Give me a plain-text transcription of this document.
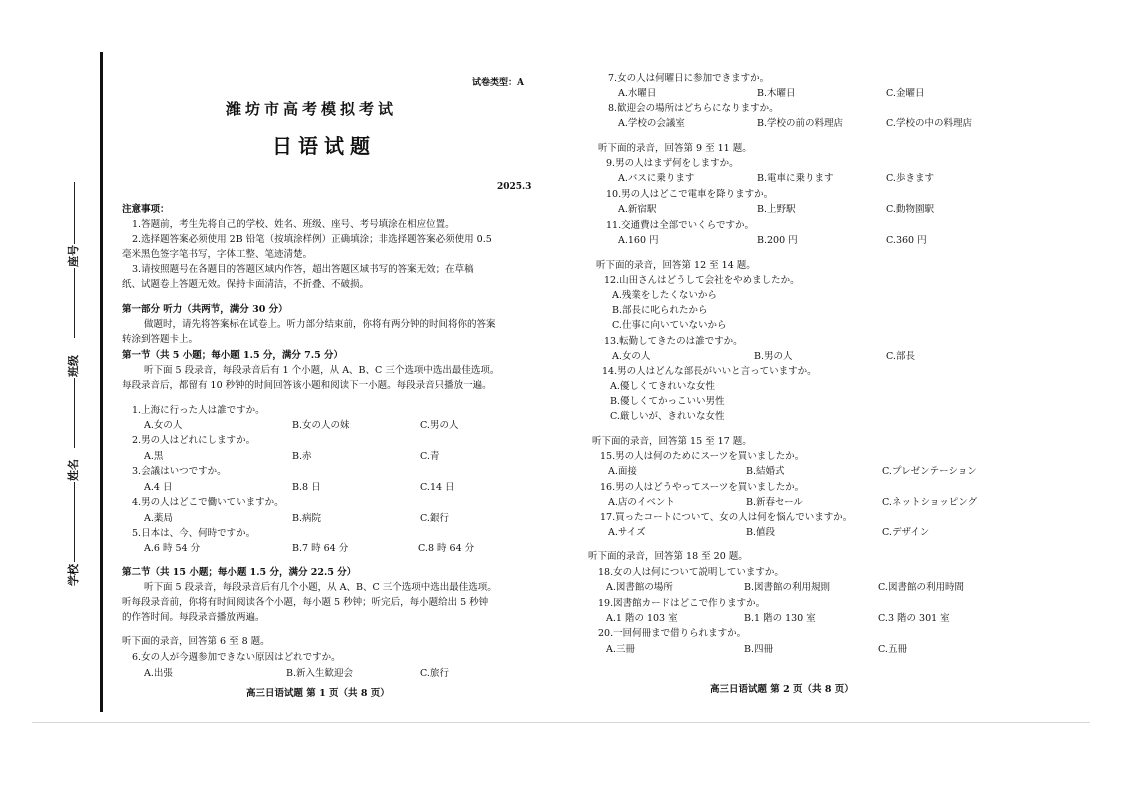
座号
班级
姓名
学校
试卷类型：A
潍坊市高考模拟考试
日语试题
2025.3
注意事项：
1.答题前，考生先将自己的学校、姓名、班级、座号、考号填涂在相应位置。
2.选择题答案必须使用 2B 铅笔（按填涂样例）正确填涂；非选择题答案必须使用 0.5
毫米黑色签字笔书写，字体工整、笔迹清楚。
3.请按照题号在各题目的答题区域内作答，超出答题区域书写的答案无效；在草稿
纸、试题卷上答题无效。保持卡面清洁，不折叠、不破损。
第一部分 听力（共两节，满分 30 分）
做题时，请先将答案标在试卷上。听力部分结束前，你将有两分钟的时间将你的答案
转涂到答题卡上。
第一节（共 5 小题；每小题 1.5 分，满分 7.5 分）
听下面 5 段录音，每段录音后有 1 个小题，从 A、B、C 三个选项中选出最佳选项。
每段录音后，都留有 10 秒钟的时间回答该小题和阅读下一小题。每段录音只播放一遍。
1.上海に行った人は誰ですか。
A.女の人	B.女の人の妹	C.男の人
2.男の人はどれにしますか。
A.黒	B.赤	C.青
3.会議はいつですか。
A.4 日	B.8 日	C.14 日
4.男の人はどこで働いていますか。
A.薬局	B.病院	C.銀行
5.日本は、今、何時ですか。
A.6 時 54 分	B.7 時 64 分	C.8 時 64 分
第二节（共 15 小题；每小题 1.5 分，满分 22.5 分）
听下面 5 段录音，每段录音后有几个小题，从 A、B、C 三个选项中选出最佳选项。
听每段录音前，你将有时间阅读各个小题，每小题 5 秒钟；听完后，每小题给出 5 秒钟
的作答时间。每段录音播放两遍。
听下面的录音，回答第 6 至 8 题。
6.女の人が今週参加できない原因はどれですか。
A.出張	B.新入生歓迎会	C.旅行
高三日语试题 第 1 页（共 8 页）
7.女の人は何曜日に参加できますか。
A.水曜日	B.木曜日	C.金曜日
8.歓迎会の場所はどちらになりますか。
A.学校の会議室	B.学校の前の料理店	C.学校の中の料理店
听下面的录音，回答第 9 至 11 题。
9.男の人はまず何をしますか。
A.バスに乗ります	B.電車に乗ります	C.歩きます
10.男の人はどこで電車を降りますか。
A.新宿駅	B.上野駅	C.動物園駅
11.交通費は全部でいくらですか。
A.160 円	B.200 円	C.360 円
听下面的录音，回答第 12 至 14 题。
12.山田さんはどうして会社をやめましたか。
A.残業をしたくないから
B.部長に叱られたから
C.仕事に向いていないから
13.転勤してきたのは誰ですか。
A.女の人	B.男の人	C.部長
14.男の人はどんな部長がいいと言っていますか。
A.優しくてきれいな女性
B.優しくてかっこいい男性
C.厳しいが、きれいな女性
听下面的录音，回答第 15 至 17 题。
15.男の人は何のためにスーツを買いましたか。
A.面接	B.結婚式	C.プレゼンテーション
16.男の人はどうやってスーツを買いましたか。
A.店のイベント	B.新春セール	C.ネットショッピング
17.買ったコートについて、女の人は何を悩んでいますか。
A.サイズ	B.値段	C.デザイン
听下面的录音，回答第 18 至 20 题。
18.女の人は何について説明していますか。
A.図書館の場所	B.図書館の利用規則	C.図書館の利用時間
19.図書館カードはどこで作りますか。
A.1 階の 103 室	B.1 階の 130 室	C.3 階の 301 室
20.一回何冊まで借りられますか。
A.三冊	B.四冊	C.五冊
高三日语试题 第 2 页（共 8 页）
